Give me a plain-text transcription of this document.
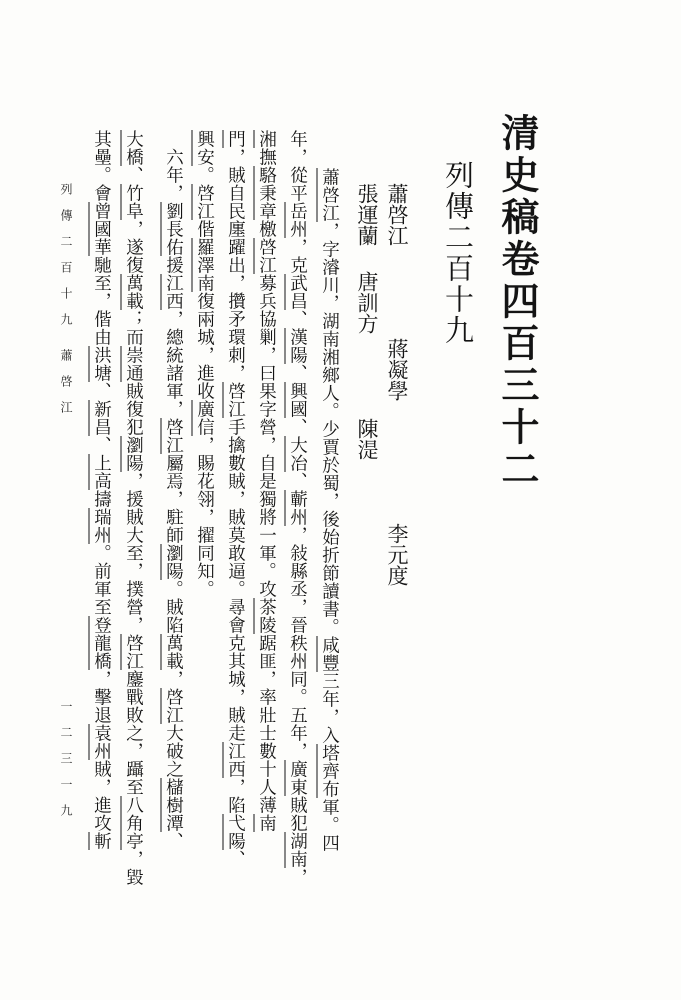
清史稿卷四百三十二
列傳二百十九
蕭啓江
張運蘭
唐訓方
蔣凝學
陳湜
李元度
蕭啓江，字濬川，湖南湘鄉人。少賈於蜀，後始折節讀書。咸豐三年，入塔齊布軍。四
年，從平岳州，克武昌、漢陽、興國、大冶、蘄州，敍縣丞，晉秩州同。五年，廣東賊犯湖南，
湘撫駱秉章檄啓江募兵協剿，曰果字營，自是獨將一軍。攻茶陵踞匪，率壯士數十人薄南
門，賊自民廛躍出，攢矛環刺，啓江手擒數賊，賊莫敢逼。尋會克其城，賊走江西，陷弋陽、
興安。啓江偕羅澤南復兩城，進收廣信，賜花翎，擢同知。
　六年，劉長佑援江西，總統諸軍，啓江屬焉，駐師瀏陽。賊陷萬載，啓江大破之櫧樹潭、
大橋、竹阜，遂復萬載；而崇通賊復犯瀏陽，援賊大至，撲營，啓江鏖戰敗之，躡至八角亭，毀
其壘。會曾國華馳至，偕由洪塘、新昌、上高擣瑞州。前軍至登龍橋，擊退袁州賊，進攻斬
列 傳 二 百 十 九　　蕭 啓 江
一 二 三 一 九
